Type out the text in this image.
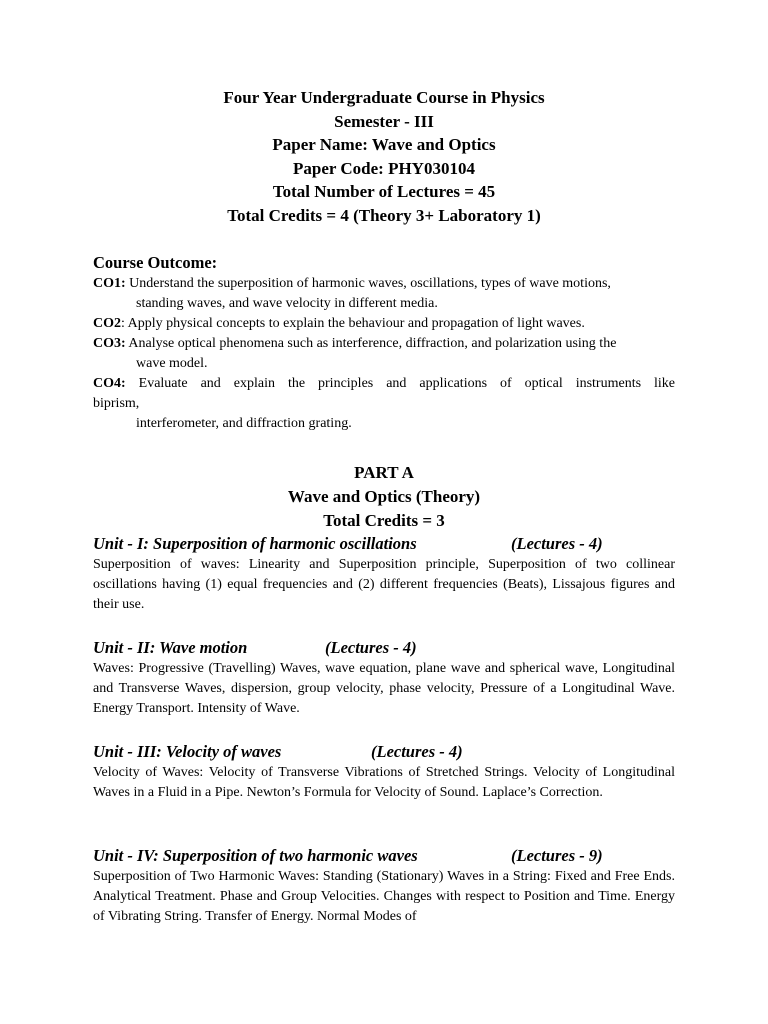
Four Year Undergraduate Course in Physics
Semester - III
Paper Name: Wave and Optics
Paper Code: PHY030104
Total Number of Lectures = 45
Total Credits = 4 (Theory 3+ Laboratory 1)
Course Outcome:
CO1: Understand the superposition of harmonic waves, oscillations, types of wave motions,
standing waves, and wave velocity in different media.
CO2: Apply physical concepts to explain the behaviour and propagation of light waves.
CO3: Analyse optical phenomena such as interference, diffraction, and polarization using the
wave model.
CO4: Evaluate and explain the principles and applications of optical instruments like
biprism,
interferometer, and diffraction grating.
PART A
Wave and Optics (Theory)
Total Credits = 3
Unit - I: Superposition of harmonic oscillations	(Lectures - 4)
Superposition of waves: Linearity and Superposition principle, Superposition of two collinear oscillations having (1) equal frequencies and (2) different frequencies (Beats), Lissajous figures and their use.
Unit - II: Wave motion	(Lectures - 4)
Waves: Progressive (Travelling) Waves, wave equation, plane wave and spherical wave, Longitudinal and Transverse Waves, dispersion, group velocity, phase velocity, Pressure of a Longitudinal Wave. Energy Transport. Intensity of Wave.
Unit - III: Velocity of waves	(Lectures - 4)
Velocity of Waves: Velocity of Transverse Vibrations of Stretched Strings. Velocity of Longitudinal Waves in a Fluid in a Pipe. Newton’s Formula for Velocity of Sound. Laplace’s Correction.
Unit - IV: Superposition of two harmonic waves	(Lectures - 9)
Superposition of Two Harmonic Waves: Standing (Stationary) Waves in a String: Fixed and Free Ends. Analytical Treatment. Phase and Group Velocities. Changes with respect to Position and Time. Energy of Vibrating String. Transfer of Energy. Normal Modes of
